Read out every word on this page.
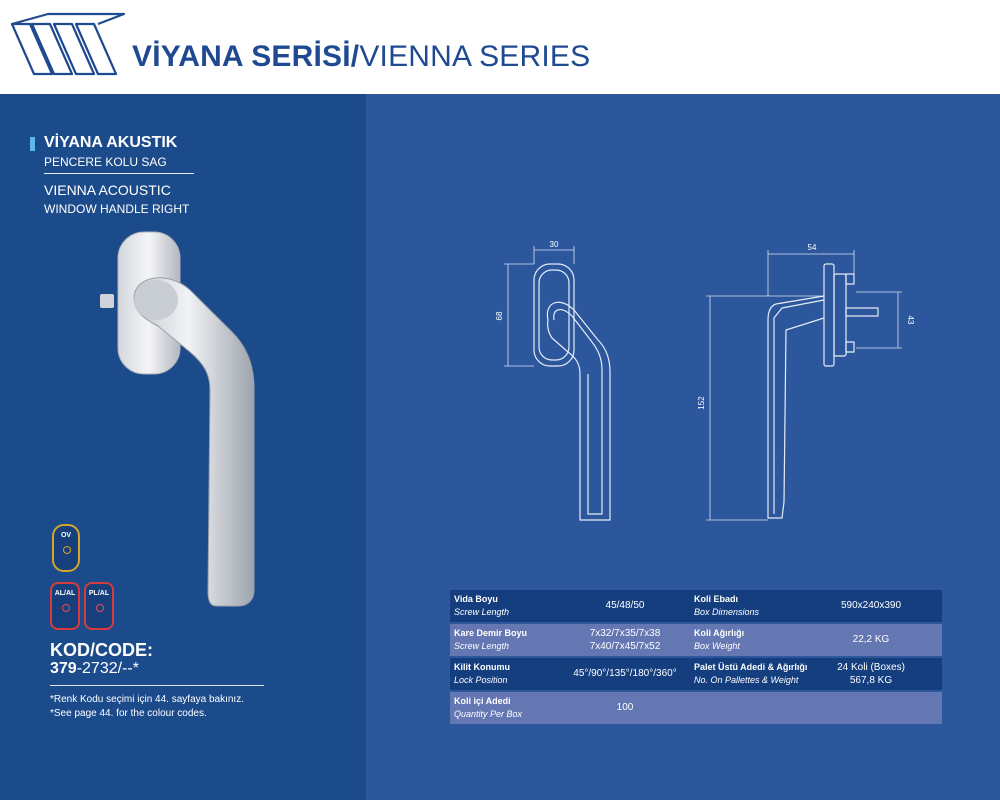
VİYANA SERİSİ/VIENNA SERIES
VİYANA AKUSTIK
PENCERE KOLU SAG
VIENNA ACOUSTIC
WINDOW HANDLE RIGHT
OV
AL/AL	PL/AL
KOD/CODE:
379-2732/--*
*Renk Kodu seçimi için 44. sayfaya bakınız.
*See page 44. for the colour codes.
30
68
54
152
43
Vida Boyu
Screw Length
45/48/50
Koli Ebadı
Box Dimensions
590x240x390
Kare Demir Boyu
Screw Length
7x32/7x35/7x38
7x40/7x45/7x52
Koli Ağırlığı
Box Weight
22,2 KG
Kilit Konumu
Lock Position
45°/90°/135°/180°/360°
Palet Üstü Adedi & Ağırlığı
No. On Pallettes & Weight
24 Koli (Boxes)
567,8 KG
Koli içi Adedi
Quantity Per Box
100
